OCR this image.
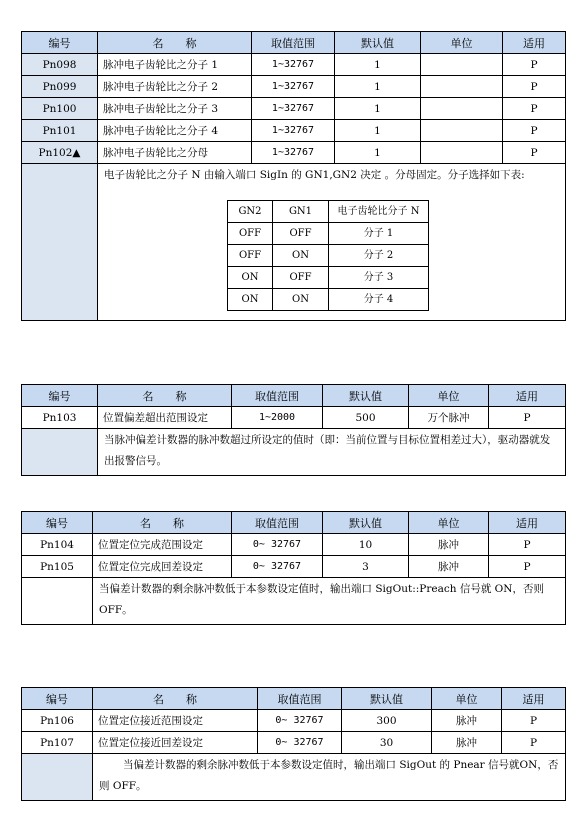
编号	名　　称	取值范围	默认值	单位	适用
Pn098	脉冲电子齿轮比之分子 1	1~32767	1		P
Pn099	脉冲电子齿轮比之分子 2	1~32767	1		P
Pn100	脉冲电子齿轮比之分子 3	1~32767	1		P
Pn101	脉冲电子齿轮比之分子 4	1~32767	1		P
Pn102▲	脉冲电子齿轮比之分母	1~32767	1		P

电子齿轮比之分子 N 由输入端口 SigIn 的 GN1,GN2 决定 。分母固定。分子选择如下表:
GN2	GN1	电子齿轮比分子 N
OFF	OFF	分子 1
OFF	ON	分子 2
ON	OFF	分子 3
ON	ON	分子 4
编号	名　　称	取值范围	默认值	单位	适用
Pn103	位置偏差超出范围设定	1~2000	500	万个脉冲	P
	当脉冲偏差计数器的脉冲数超过所设定的值时（即：当前位置与目标位置相差过大），驱动器就发出报警信号。				
编号	名　　称	取值范围	默认值	单位	适用
Pn104	位置定位完成范围设定	0~ 32767	10	脉冲	P
Pn105	位置定位完成回差设定	0~ 32767	3	脉冲	P
	当偏差计数器的剩余脉冲数低于本参数设定值时，输出端口 SigOut::Preach 信号就 ON，否则 OFF。				
编号	名　　称	取值范围	默认值	单位	适用
Pn106	位置定位接近范围设定	0~ 32767	300	脉冲	P
Pn107	位置定位接近回差设定	0~ 32767	30	脉冲	P
	当偏差计数器的剩余脉冲数低于本参数设定值时，输出端口 SigOut 的 Pnear 信号就ON，否则 OFF。				
